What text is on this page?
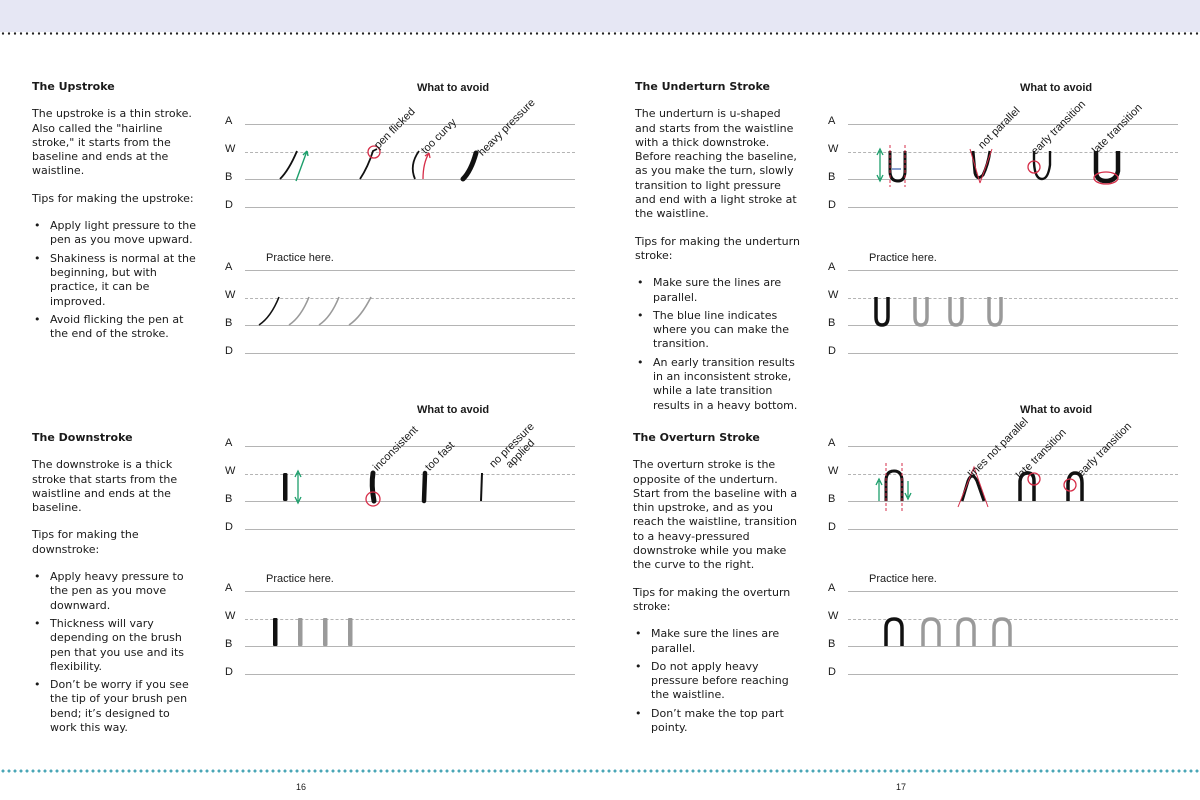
The Upstroke

The upstroke is a thin stroke. Also called the "hairline stroke," it starts from the baseline and ends at the waistline.

Tips for making the upstroke:

• Apply light pressure to the pen as you move upward.
• Shakiness is normal at the beginning, but with practice, it can be improved.
• Avoid flicking the pen at the end of the stroke.
What to avoid
A
W
B
D
pen flicked too curvy heavy pressure
Practice here.
A
W
B
D
The Downstroke

The downstroke is a thick stroke that starts from the waistline and ends at the baseline.

Tips for making the downstroke:

• Apply heavy pressure to the pen as you move downward.
• Thickness will vary depending on the brush pen that you use and its flexibility.
• Don’t be worry if you see the tip of your brush pen bend; it’s designed to work this way.
What to avoid
A
W
B
D
inconsistent too fast	no pressure applied
Practice here.
A
W
B
D
16
The Underturn Stroke

The underturn is u-shaped and starts from the waistline with a thick downstroke. Before reaching the baseline, as you make the turn, slowly transition to light pressure and end with a light stroke at the waistline.

Tips for making the underturn stroke:

• Make sure the lines are parallel.
• The blue line indicates where you can make the transition.
• An early transition results in an inconsistent stroke, while a late transition results in a heavy bottom.
What to avoid
A
W
B
D
not parallel early transition late transition
Practice here.
A
W
B
D
The Overturn Stroke

The overturn stroke is the opposite of the underturn. Start from the baseline with a thin upstroke, and as you reach the waistline, transition to a heavy-pressured downstroke while you make the curve to the right.

Tips for making the overturn stroke:

• Make sure the lines are parallel.
• Do not apply heavy pressure before reaching the waistline.
• Don’t make the top part pointy.
What to avoid
A
W
B
D
lines not parallel
late transition early transition
Practice here.
A
W
B
D
17
